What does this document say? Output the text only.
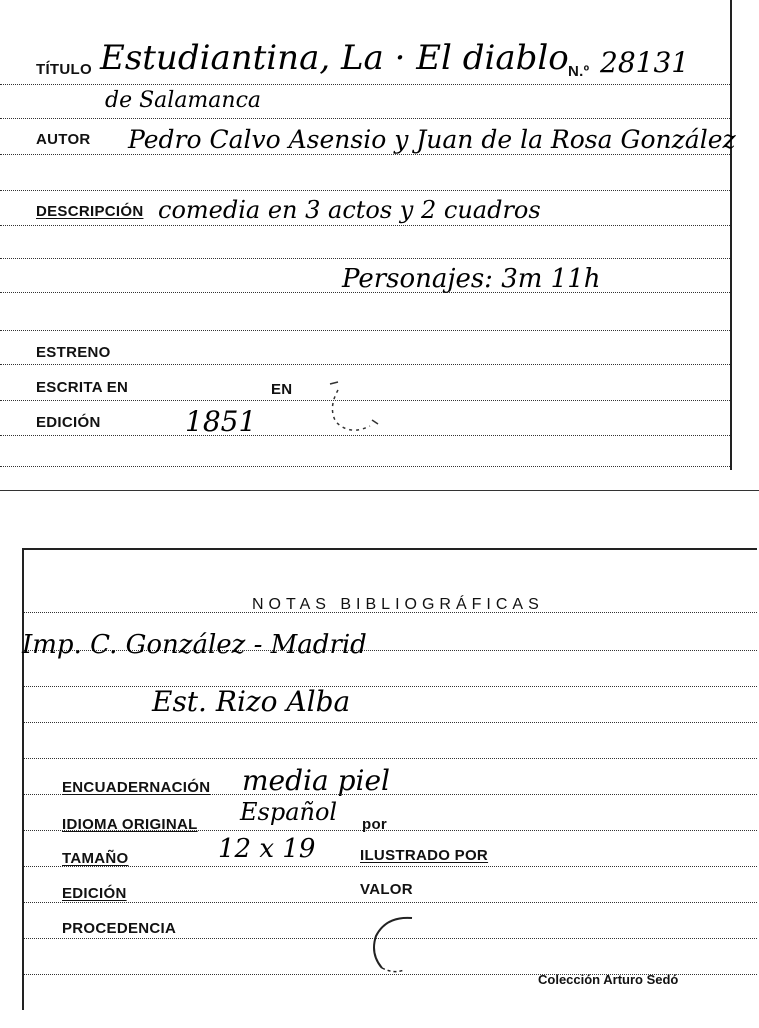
TÍTULO Estudiantina, La · El diablo
de Salamanca
N.º 28131
AUTOR Pedro Calvo Asensio y Juan de la Rosa González
DESCRIPCIÓN comedia en 3 actos y 2 cuadros
Personajes: 3m 11h
ESTRENO
ESCRITA EN	EN
EDICIÓN	1851
NOTAS BIBLIOGRÁFICAS
Imp. C. González - Madrid
Est. Rizo Alba
ENCUADERNACIÓN media piel
IDIOMA ORIGINAL Español por
TAMAÑO	12 x 19	ILUSTRADO POR
EDICIÓN	VALOR
PROCEDENCIA
Colección Arturo Sedó
